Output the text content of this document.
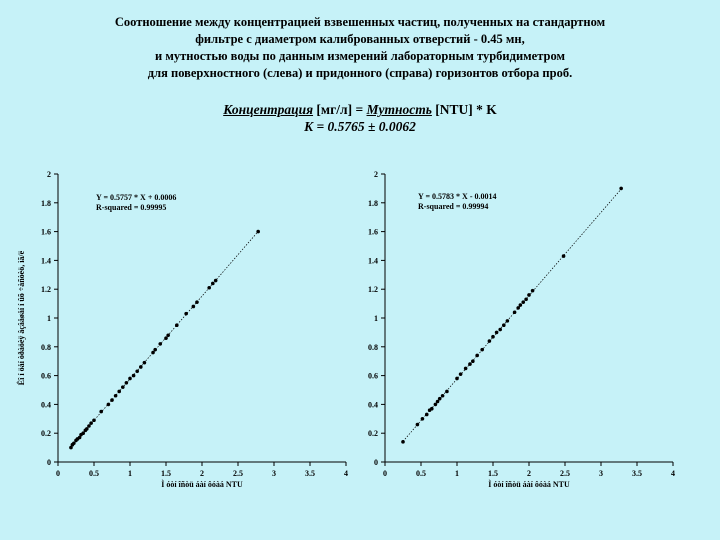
Соотношение между концентрацией взвешенных частиц, полученных на стандартном
фильтре с диаметром калиброванных отверстий - 0.45 мн,
и мутностью воды по данным измерений лабораторным турбидиметром
для поверхностного (слева) и придонного (справа) горизонтов отбора проб.
Концентрация [мг/л] = Мутность [NTU] * K
K = 0.5765 ± 0.0062
0
0.2
0.4
0.6
0.8
1
1.2
1.4
1.6
1.8
2
0	0.5	1	1.5	2	2.5	3	3.5	4
Y = 0.5757 * X + 0.0006
R-squared = 0.99995
Ì óòí îñòü áàí ôóàá NTU
Êî í öåí òðàöèÿ âçâåøåí í ûõ ÷àñòèö, ìã/ë
0
0.2
0.4
0.6
0.8
1
1.2
1.4
1.6
1.8
2
0	0.5	1	1.5	2	2.5	3	3.5	4
Y = 0.5783 * X - 0.0014
R-squared = 0.99994
Ì óòí îñòü áàí ôóàá NTU
